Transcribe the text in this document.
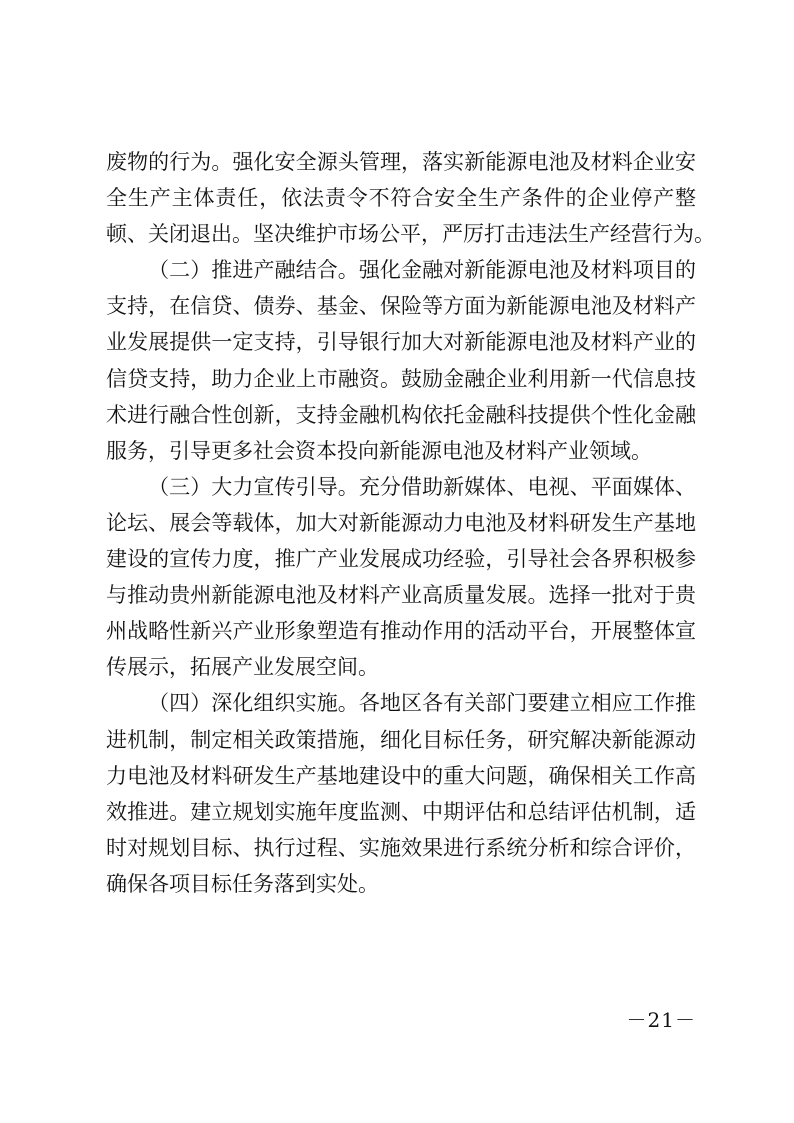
废物的行为。强化安全源头管理，落实新能源电池及材料企业安
全生产主体责任，依法责令不符合安全生产条件的企业停产整
顿、关闭退出。坚决维护市场公平，严厉打击违法生产经营行为。
（二）推进产融结合。强化金融对新能源电池及材料项目的
支持，在信贷、债券、基金、保险等方面为新能源电池及材料产
业发展提供一定支持，引导银行加大对新能源电池及材料产业的
信贷支持，助力企业上市融资。鼓励金融企业利用新一代信息技
术进行融合性创新，支持金融机构依托金融科技提供个性化金融
服务，引导更多社会资本投向新能源电池及材料产业领域。
（三）大力宣传引导。充分借助新媒体、电视、平面媒体、
论坛、展会等载体，加大对新能源动力电池及材料研发生产基地
建设的宣传力度，推广产业发展成功经验，引导社会各界积极参
与推动贵州新能源电池及材料产业高质量发展。选择一批对于贵
州战略性新兴产业形象塑造有推动作用的活动平台，开展整体宣
传展示，拓展产业发展空间。
（四）深化组织实施。各地区各有关部门要建立相应工作推
进机制，制定相关政策措施，细化目标任务，研究解决新能源动
力电池及材料研发生产基地建设中的重大问题，确保相关工作高
效推进。建立规划实施年度监测、中期评估和总结评估机制，适
时对规划目标、执行过程、实施效果进行系统分析和综合评价，
确保各项目标任务落到实处。
－21－
